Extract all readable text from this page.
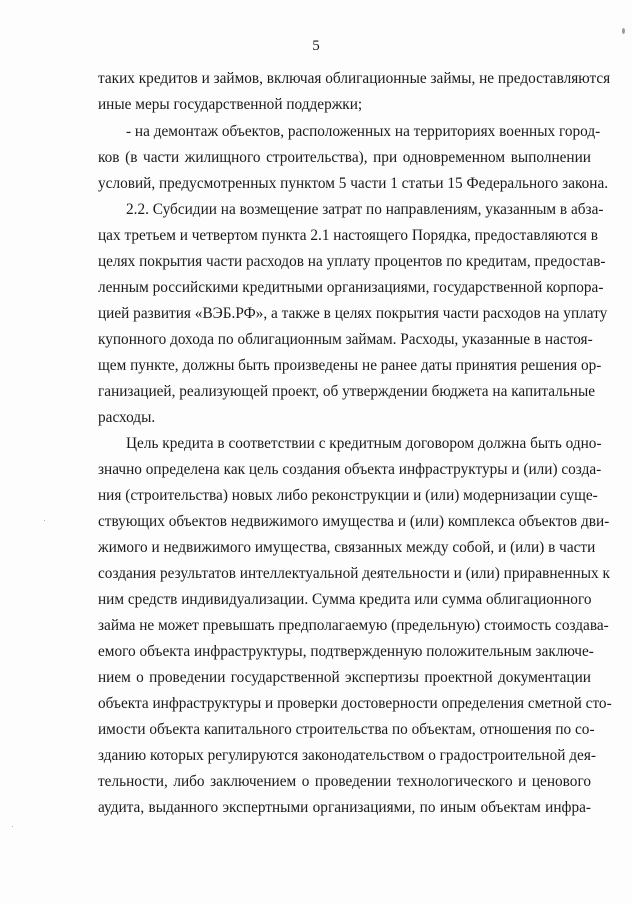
5
таких кредитов и займов, включая облигационные займы, не предоставляются
иные меры государственной поддержки;
- на демонтаж объектов, расположенных на территориях военных город-
ков (в части жилищного строительства), при одновременном выполнении
условий, предусмотренных пунктом 5 части 1 статьи 15 Федерального закона.
2.2. Субсидии на возмещение затрат по направлениям, указанным в абза-
цах третьем и четвертом пункта 2.1 настоящего Порядка, предоставляются в
целях покрытия части расходов на уплату процентов по кредитам, предостав-
ленным российскими кредитными организациями, государственной корпора-
цией развития «ВЭБ.РФ», а также в целях покрытия части расходов на уплату
купонного дохода по облигационным займам. Расходы, указанные в настоя-
щем пункте, должны быть произведены не ранее даты принятия решения ор-
ганизацией, реализующей проект, об утверждении бюджета на капитальные
расходы.
Цель кредита в соответствии с кредитным договором должна быть одно-
значно определена как цель создания объекта инфраструктуры и (или) созда-
ния (строительства) новых либо реконструкции и (или) модернизации суще-
ствующих объектов недвижимого имущества и (или) комплекса объектов дви-
жимого и недвижимого имущества, связанных между собой, и (или) в части
создания результатов интеллектуальной деятельности и (или) приравненных к
ним средств индивидуализации. Сумма кредита или сумма облигационного
займа не может превышать предполагаемую (предельную) стоимость создава-
емого объекта инфраструктуры, подтвержденную положительным заключе-
нием о проведении государственной экспертизы проектной документации
объекта инфраструктуры и проверки достоверности определения сметной сто-
имости объекта капитального строительства по объектам, отношения по со-
зданию которых регулируются законодательством о градостроительной дея-
тельности, либо заключением о проведении технологического и ценового
аудита, выданного экспертными организациями, по иным объектам инфра-
